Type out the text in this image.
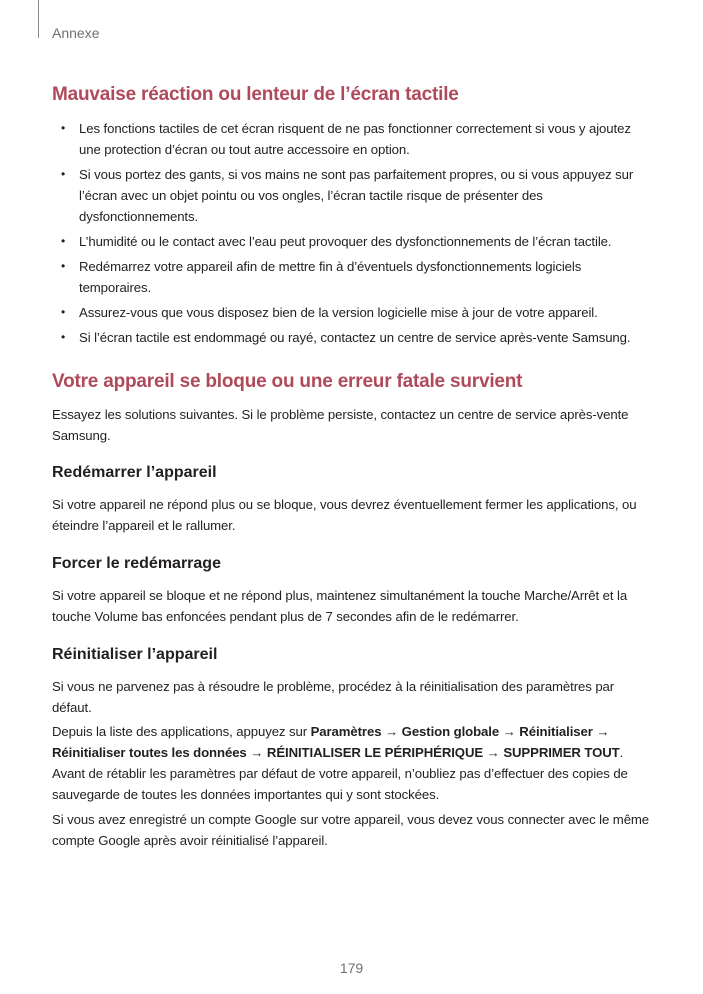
Annexe
Mauvaise réaction ou lenteur de l’écran tactile
• Les fonctions tactiles de cet écran risquent de ne pas fonctionner correctement si vous y ajoutez une protection d’écran ou tout autre accessoire en option.
• Si vous portez des gants, si vos mains ne sont pas parfaitement propres, ou si vous appuyez sur l’écran avec un objet pointu ou vos ongles, l’écran tactile risque de présenter des dysfonctionnements.
• L’humidité ou le contact avec l’eau peut provoquer des dysfonctionnements de l’écran tactile.
• Redémarrez votre appareil afin de mettre fin à d’éventuels dysfonctionnements logiciels temporaires.
• Assurez-vous que vous disposez bien de la version logicielle mise à jour de votre appareil.
• Si l’écran tactile est endommagé ou rayé, contactez un centre de service après-vente Samsung.
Votre appareil se bloque ou une erreur fatale survient
Essayez les solutions suivantes. Si le problème persiste, contactez un centre de service après-vente Samsung.
Redémarrer l’appareil
Si votre appareil ne répond plus ou se bloque, vous devrez éventuellement fermer les applications, ou éteindre l’appareil et le rallumer.
Forcer le redémarrage
Si votre appareil se bloque et ne répond plus, maintenez simultanément la touche Marche/Arrêt et la touche Volume bas enfoncées pendant plus de 7 secondes afin de le redémarrer.
Réinitialiser l’appareil
Si vous ne parvenez pas à résoudre le problème, procédez à la réinitialisation des paramètres par défaut.
Depuis la liste des applications, appuyez sur Paramètres → Gestion globale → Réinitialiser → Réinitialiser toutes les données → RÉINITIALISER LE PÉRIPHÉRIQUE → SUPPRIMER TOUT. Avant de rétablir les paramètres par défaut de votre appareil, n’oubliez pas d’effectuer des copies de sauvegarde de toutes les données importantes qui y sont stockées.
Si vous avez enregistré un compte Google sur votre appareil, vous devez vous connecter avec le même compte Google après avoir réinitialisé l’appareil.
179
